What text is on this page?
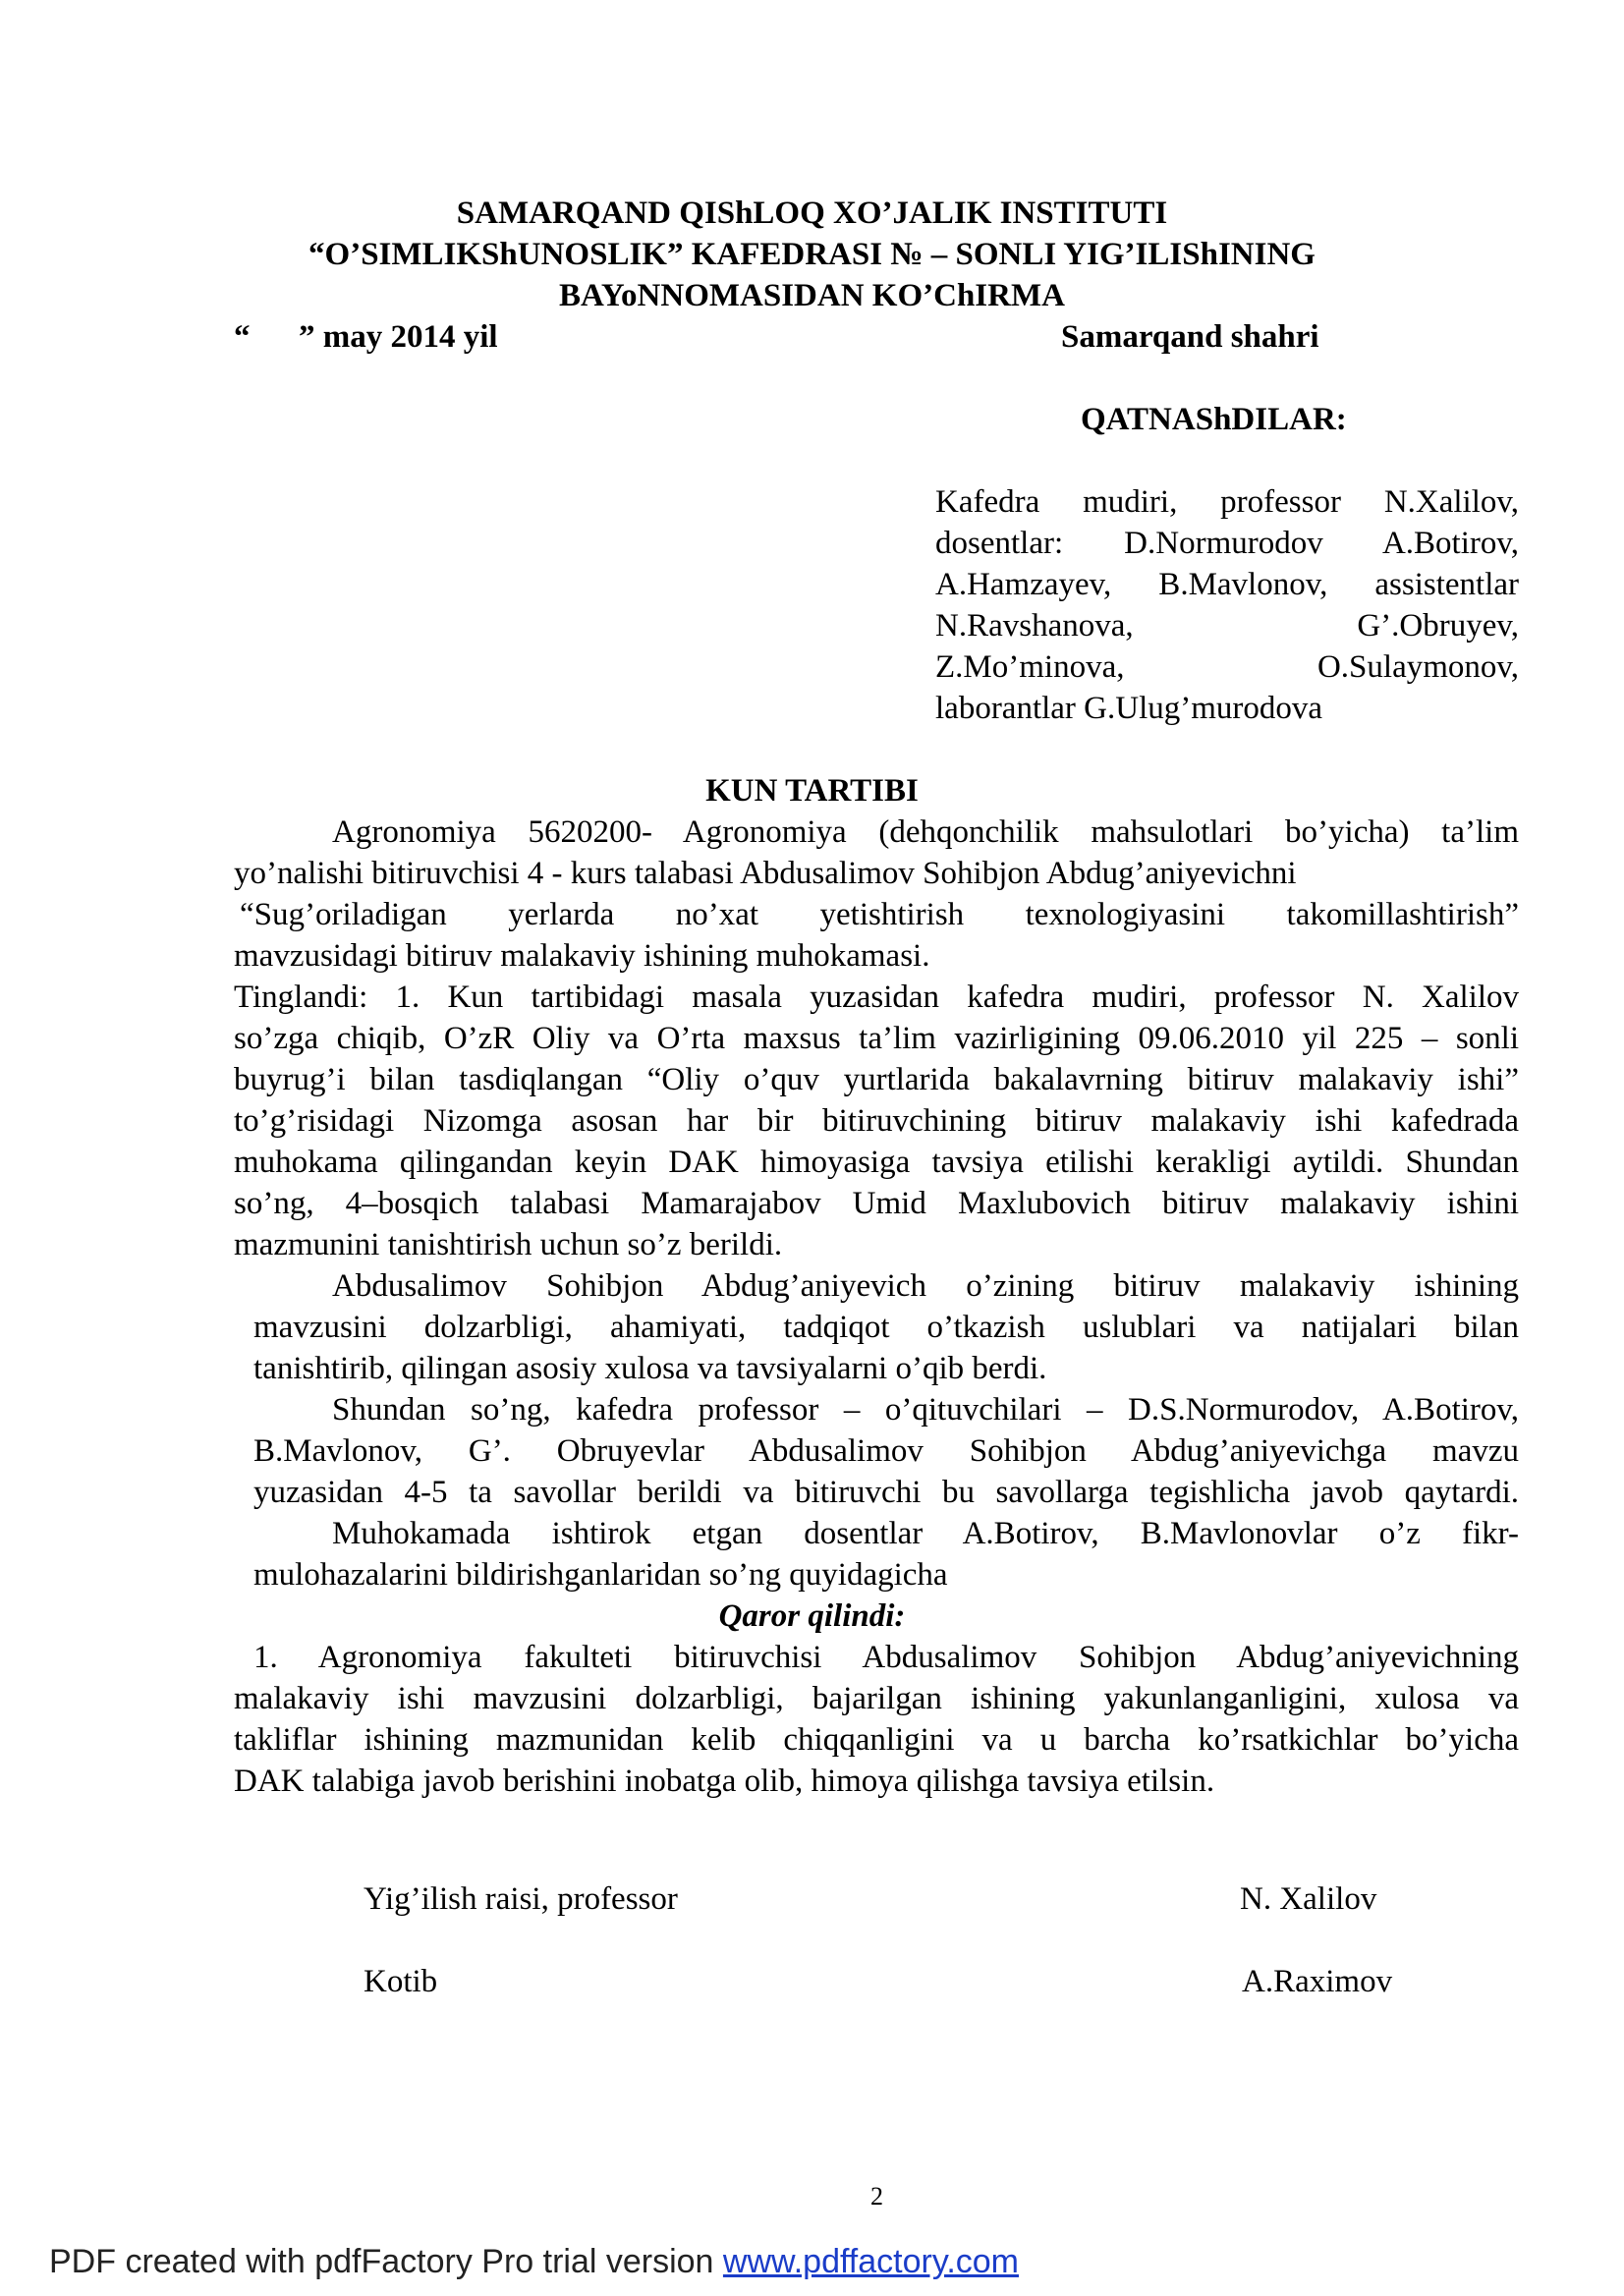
SAMARQAND QIShLOQ XO’JALIK INSTITUTI
“O’SIMLIKShUNOSLIK” KAFEDRASI № – SONLI YIG’ILIShINING
BAYoNNOMASIDAN KO’ChIRMA
“      ” may 2014 yil	Samarqand shahri
QATNAShDILAR:
Kafedra mudiri, professor N.Xalilov,
dosentlar: D.Normurodov A.Botirov,
A.Hamzayev, B.Mavlonov, assistentlar
N.Ravshanova, G’.Obruyev,
Z.Mo’minova, O.Sulaymonov,
laborantlar G.Ulug’murodova
KUN TARTIBI
Agronomiya 5620200- Agronomiya (dehqonchilik mahsulotlari bo’yicha) ta’lim
yo’nalishi bitiruvchisi 4 - kurs talabasi Abdusalimov Sohibjon Abdug’aniyevichni
“Sug’oriladigan yerlarda no’xat yetishtirish texnologiyasini takomillashtirish”
mavzusidagi bitiruv malakaviy ishining muhokamasi.
Tinglandi: 1. Kun tartibidagi masala yuzasidan kafedra mudiri, professor N. Xalilov
so’zga chiqib, O’zR Oliy va O’rta maxsus ta’lim vazirligining 09.06.2010 yil 225 – sonli
buyrug’i bilan tasdiqlangan “Oliy o’quv yurtlarida bakalavrning bitiruv malakaviy ishi”
to’g’risidagi Nizomga asosan har bir bitiruvchining bitiruv malakaviy ishi kafedrada
muhokama qilingandan keyin DAK himoyasiga tavsiya etilishi kerakligi aytildi. Shundan
so’ng, 4–bosqich talabasi Mamarajabov Umid Maxlubovich bitiruv malakaviy ishini
mazmunini tanishtirish uchun so’z berildi.
Abdusalimov Sohibjon Abdug’aniyevich o’zining bitiruv malakaviy ishining
mavzusini dolzarbligi, ahamiyati, tadqiqot o’tkazish uslublari va natijalari bilan
tanishtirib, qilingan asosiy xulosa va tavsiyalarni o’qib berdi.
Shundan so’ng, kafedra professor – o’qituvchilari – D.S.Normurodov, A.Botirov,
B.Mavlonov, G’. Obruyevlar Abdusalimov Sohibjon Abdug’aniyevichga mavzu
yuzasidan 4-5 ta savollar berildi va bitiruvchi bu savollarga tegishlicha javob qaytardi.
Muhokamada ishtirok etgan dosentlar A.Botirov, B.Mavlonovlar o’z fikr-
mulohazalarini bildirishganlaridan so’ng quyidagicha
Qaror qilindi:
1. Agronomiya fakulteti bitiruvchisi Abdusalimov Sohibjon Abdug’aniyevichning
malakaviy ishi mavzusini dolzarbligi, bajarilgan ishining yakunlanganligini, xulosa va
takliflar ishining mazmunidan kelib chiqqanligini va u barcha ko’rsatkichlar bo’yicha
DAK talabiga javob berishini inobatga olib, himoya qilishga tavsiya etilsin.
Yig’ilish raisi, professor	N. Xalilov
Kotib	A.Raximov
2
PDF created with pdfFactory Pro trial version www.pdffactory.com
